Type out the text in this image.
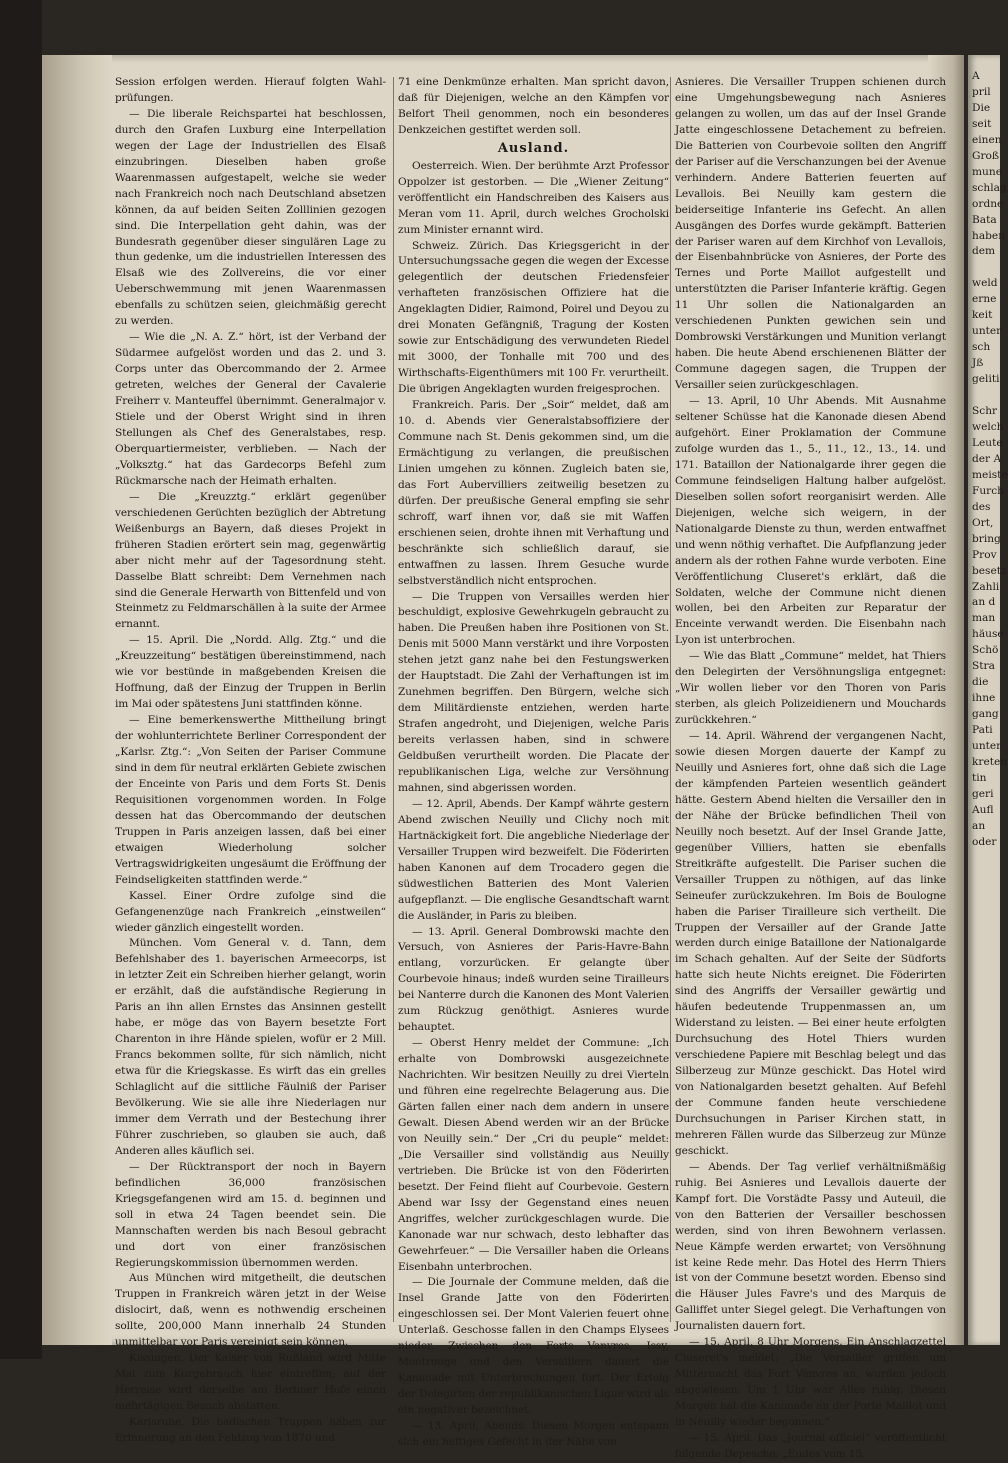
Session erfolgen werden. Hierauf folgten Wahl-prüfungen.

— Die liberale Reichspartei hat beschlossen, durch den Grafen Luxburg eine Interpellation wegen der Lage der Industriellen des Elsaß einzubringen. Dieselben haben große Waarenmassen aufgestapelt, welche sie weder nach Frankreich noch nach Deutschland absetzen können, da auf beiden Seiten Zolllinien gezogen sind. Die Interpellation geht dahin, was der Bundesrath gegenüber dieser singulären Lage zu thun gedenke, um die industriellen Interessen des Elsaß wie des Zollvereins, die vor einer Ueberschwemmung mit jenen Waarenmassen ebenfalls zu schützen seien, gleichmäßig gerecht zu werden.

— Wie die „N. A. Z.“ hört, ist der Verband der Südarmee aufgelöst worden und das 2. und 3. Corps unter das Obercommando der 2. Armee getreten, welches der General der Cavalerie Freiherr v. Manteuffel übernimmt. Generalmajor v. Stiele und der Oberst Wright sind in ihren Stellungen als Chef des Generalstabes, resp. Oberquartiermeister, verblieben. — Nach der „Volksztg.“ hat das Gardecorps Befehl zum Rückmarsche nach der Heimath erhalten.

— Die „Kreuzztg.“ erklärt gegenüber verschiedenen Gerüchten bezüglich der Abtretung Weißenburgs an Bayern, daß dieses Projekt in früheren Stadien erörtert sein mag, gegenwärtig aber nicht mehr auf der Tagesordnung steht. Dasselbe Blatt schreibt: Dem Vernehmen nach sind die Generale Herwarth von Bittenfeld und von Steinmetz zu Feldmarschällen à la suite der Armee ernannt.

— 15. April. Die „Nordd. Allg. Ztg.“ und die „Kreuzzeitung“ bestätigen übereinstimmend, nach wie vor bestünde in maßgebenden Kreisen die Hoffnung, daß der Einzug der Truppen in Berlin im Mai oder spätestens Juni stattfinden könne.

— Eine bemerkenswerthe Mittheilung bringt der wohlunterrichtete Berliner Correspondent der „Karlsr. Ztg.“: „Von Seiten der Pariser Commune sind in dem für neutral erklärten Gebiete zwischen der Enceinte von Paris und dem Forts St. Denis Requisitionen vorgenommen worden. In Folge dessen hat das Obercommando der deutschen Truppen in Paris anzeigen lassen, daß bei einer etwaigen Wiederholung solcher Vertragswidrigkeiten ungesäumt die Eröffnung der Feindseligkeiten stattfinden werde.“

Kassel. Einer Ordre zufolge sind die Gefangenenzüge nach Frankreich „einstweilen“ wieder gänzlich eingestellt worden.

München. Vom General v. d. Tann, dem Befehlshaber des 1. bayerischen Armeecorps, ist in letzter Zeit ein Schreiben hierher gelangt, worin er erzählt, daß die aufständische Regierung in Paris an ihn allen Ernstes das Ansinnen gestellt habe, er möge das von Bayern besetzte Fort Charenton in ihre Hände spielen, wofür er 2 Mill. Francs bekommen sollte, für sich nämlich, nicht etwa für die Kriegskasse. Es wirft das ein grelles Schlaglicht auf die sittliche Fäulniß der Pariser Bevölkerung. Wie sie alle ihre Niederlagen nur immer dem Verrath und der Bestechung ihrer Führer zuschrieben, so glauben sie auch, daß Anderen alles käuflich sei.

— Der Rücktransport der noch in Bayern befindlichen 36,000 französischen Kriegsgefangenen wird am 15. d. beginnen und soll in etwa 24 Tagen beendet sein. Die Mannschaften werden bis nach Besoul gebracht und dort von einer französischen Regierungskommission übernommen werden.

Aus München wird mitgetheilt, die deutschen Truppen in Frankreich wären jetzt in der Weise dislocirt, daß, wenn es nothwendig erscheinen sollte, 200,000 Mann innerhalb 24 Stunden unmittelbar vor Paris vereinigt sein können.

Kissingen. Der Kaiser von Rußland wird Mitte Mai zum Kurgebrauch hier eintreffen; auf der Herreise wird derselbe am Berliner Hofe einen mehrtägigen Besuch abstatten.

Karlsruhe. Die badischen Truppen haben zur Erinnerung an den Feldzug von 1870 und

71 eine Denkmünze erhalten. Man spricht davon, daß für Diejenigen, welche an den Kämpfen vor Belfort Theil genommen, noch ein besonderes Denkzeichen gestiftet werden soll.

Ausland.

Oesterreich. Wien. Der berühmte Arzt Professor Oppolzer ist gestorben. — Die „Wiener Zeitung“ veröffentlicht ein Handschreiben des Kaisers aus Meran vom 11. April, durch welches Grocholski zum Minister ernannt wird.

Schweiz. Zürich. Das Kriegsgericht in der Untersuchungssache gegen die wegen der Excesse gelegentlich der deutschen Friedensfeier verhafteten französischen Offiziere hat die Angeklagten Didier, Raimond, Poirel und Deyou zu drei Monaten Gefängniß, Tragung der Kosten sowie zur Entschädigung des verwundeten Riedel mit 3000, der Tonhalle mit 700 und des Wirthschafts-Eigenthümers mit 100 Fr. verurtheilt. Die übrigen Angeklagten wurden freigesprochen.

Frankreich. Paris. Der „Soir“ meldet, daß am 10. d. Abends vier Generalstabsoffiziere der Commune nach St. Denis gekommen sind, um die Ermächtigung zu verlangen, die preußischen Linien umgehen zu können. Zugleich baten sie, das Fort Aubervilliers zeitweilig besetzen zu dürfen. Der preußische General empfing sie sehr schroff, warf ihnen vor, daß sie mit Waffen erschienen seien, drohte ihnen mit Verhaftung und beschränkte sich schließlich darauf, sie entwaffnen zu lassen. Ihrem Gesuche wurde selbstverständlich nicht entsprochen.

— Die Truppen von Versailles werden hier beschuldigt, explosive Gewehrkugeln gebraucht zu haben. Die Preußen haben ihre Positionen von St. Denis mit 5000 Mann verstärkt und ihre Vorposten stehen jetzt ganz nahe bei den Festungswerken der Hauptstadt. Die Zahl der Verhaftungen ist im Zunehmen begriffen. Den Bürgern, welche sich dem Militärdienste entziehen, werden harte Strafen angedroht, und Diejenigen, welche Paris bereits verlassen haben, sind in schwere Geldbußen verurtheilt worden. Die Placate der republikanischen Liga, welche zur Versöhnung mahnen, sind abgerissen worden.

— 12. April, Abends. Der Kampf währte gestern Abend zwischen Neuilly und Clichy noch mit Hartnäckigkeit fort. Die angebliche Niederlage der Versailler Truppen wird bezweifelt. Die Föderirten haben Kanonen auf dem Trocadero gegen die südwestlichen Batterien des Mont Valerien aufgepflanzt. — Die englische Gesandtschaft warnt die Ausländer, in Paris zu bleiben.

— 13. April. General Dombrowski machte den Versuch, von Asnieres der Paris-Havre-Bahn entlang, vorzurücken. Er gelangte über Courbevoie hinaus; indeß wurden seine Tirailleurs bei Nanterre durch die Kanonen des Mont Valerien zum Rückzug genöthigt. Asnieres wurde behauptet.

— Oberst Henry meldet der Commune: „Ich erhalte von Dombrowski ausgezeichnete Nachrichten. Wir besitzen Neuilly zu drei Vierteln und führen eine regelrechte Belagerung aus. Die Gärten fallen einer nach dem andern in unsere Gewalt. Diesen Abend werden wir an der Brücke von Neuilly sein.“ Der „Cri du peuple“ meldet: „Die Versailler sind vollständig aus Neuilly vertrieben. Die Brücke ist von den Föderirten besetzt. Der Feind flieht auf Courbevoie. Gestern Abend war Issy der Gegenstand eines neuen Angriffes, welcher zurückgeschlagen wurde. Die Kanonade war nur schwach, desto lebhafter das Gewehrfeuer.“ — Die Versailler haben die Orleans Eisenbahn unterbrochen.

— Die Journale der Commune melden, daß die Insel Grande Jatte von den Föderirten eingeschlossen sei. Der Mont Valerien feuert ohne Unterlaß. Geschosse fallen in den Champs Elysees nieder. Zwischen den Forts Vanvres, Issy, Montrouge und den Versaillern dauert die Kanonade mit Unterbrechungen fort. Der Erfolg der Delegirten der republikanischen Ligue wird als ein negativer bezeichnet.

— 13. April, Abends. Diesen Morgen entspann sich ein heftiges Gefecht in der Nähe von

Asnieres. Die Versailler Truppen schienen durch eine Umgehungsbewegung nach Asnieres gelangen zu wollen, um das auf der Insel Grande Jatte eingeschlossene Detachement zu befreien. Die Batterien von Courbevoie sollten den Angriff der Pariser auf die Verschanzungen bei der Avenue verhindern. Andere Batterien feuerten auf Levallois. Bei Neuilly kam gestern die beiderseitige Infanterie ins Gefecht. An allen Ausgängen des Dorfes wurde gekämpft. Batterien der Pariser waren auf dem Kirchhof von Levallois, der Eisenbahnbrücke von Asnieres, der Porte des Ternes und Porte Maillot aufgestellt und unterstützten die Pariser Infanterie kräftig. Gegen 11 Uhr sollen die Nationalgarden an verschiedenen Punkten gewichen sein und Dombrowski Verstärkungen und Munition verlangt haben. Die heute Abend erschienenen Blätter der Commune dagegen sagen, die Truppen der Versailler seien zurückgeschlagen.

— 13. April, 10 Uhr Abends. Mit Ausnahme seltener Schüsse hat die Kanonade diesen Abend aufgehört. Einer Proklamation der Commune zufolge wurden das 1., 5., 11., 12., 13., 14. und 171. Bataillon der Nationalgarde ihrer gegen die Commune feindseligen Haltung halber aufgelöst. Dieselben sollen sofort reorganisirt werden. Alle Diejenigen, welche sich weigern, in der Nationalgarde Dienste zu thun, werden entwaffnet und wenn nöthig verhaftet. Die Aufpflanzung jeder andern als der rothen Fahne wurde verboten. Eine Veröffentlichung Cluseret's erklärt, daß die Soldaten, welche der Commune nicht dienen wollen, bei den Arbeiten zur Reparatur der Enceinte verwandt werden. Die Eisenbahn nach Lyon ist unterbrochen.

— Wie das Blatt „Commune“ meldet, hat Thiers den Delegirten der Versöhnungsliga entgegnet: „Wir wollen lieber vor den Thoren von Paris sterben, als gleich Polizeidienern und Mouchards zurückkehren.“

— 14. April. Während der vergangenen Nacht, sowie diesen Morgen dauerte der Kampf zu Neuilly und Asnieres fort, ohne daß sich die Lage der kämpfenden Parteien wesentlich geändert hätte. Gestern Abend hielten die Versailler den in der Nähe der Brücke befindlichen Theil von Neuilly noch besetzt. Auf der Insel Grande Jatte, gegenüber Villiers, hatten sie ebenfalls Streitkräfte aufgestellt. Die Pariser suchen die Versailler Truppen zu nöthigen, auf das linke Seineufer zurückzukehren. Im Bois de Boulogne haben die Pariser Tirailleure sich vertheilt. Die Truppen der Versailler auf der Grande Jatte werden durch einige Bataillone der Nationalgarde im Schach gehalten. Auf der Seite der Südforts hatte sich heute Nichts ereignet. Die Föderirten sind des Angriffs der Versailler gewärtig und häufen bedeutende Truppenmassen an, um Widerstand zu leisten. — Bei einer heute erfolgten Durchsuchung des Hotel Thiers wurden verschiedene Papiere mit Beschlag belegt und das Silberzeug zur Münze geschickt. Das Hotel wird von Nationalgarden besetzt gehalten. Auf Befehl der Commune fanden heute verschiedene Durchsuchungen in Pariser Kirchen statt, in mehreren Fällen wurde das Silberzeug zur Münze geschickt.

— Abends. Der Tag verlief verhältnißmäßig ruhig. Bei Asnieres und Levallois dauerte der Kampf fort. Die Vorstädte Passy und Auteuil, die von den Batterien der Versailler beschossen werden, sind von ihren Bewohnern verlassen. Neue Kämpfe werden erwartet; von Versöhnung ist keine Rede mehr. Das Hotel des Herrn Thiers ist von der Commune besetzt worden. Ebenso sind die Häuser Jules Favre's und des Marquis de Galliffet unter Siegel gelegt. Die Verhaftungen von Journalisten dauern fort.

— 15. April, 8 Uhr Morgens. Ein Anschlagzettel Cluseret's meldet: „Die Versailler griffen um Mitternacht das Fort Vanvres an, wurden jedoch abgewiesen. Um 1 Uhr war Alles ruhig. Diesen Morgen hat die Kanonade an der Porte Maillot und in Neuilly wieder begonnen.“

— 15. April. Das „Journal officiel“ veröffentlicht folgende Depesche: „Eudes vom 15.

A
pril
Die
seit
einen
Groß
mune
schlag
ordne
Bata
haben
dem

weld
erne
keit
unter
sch
Jß
geliti

Schr
welch
Leute
der A
meiste
Furch
des
Ort,
bring
Prov
besetz
Zahli
an d
man
häuse
Schö
Stra
die
ihne
gang
Pati
unter
kreten
tin
geri
Aufl
an
oder
